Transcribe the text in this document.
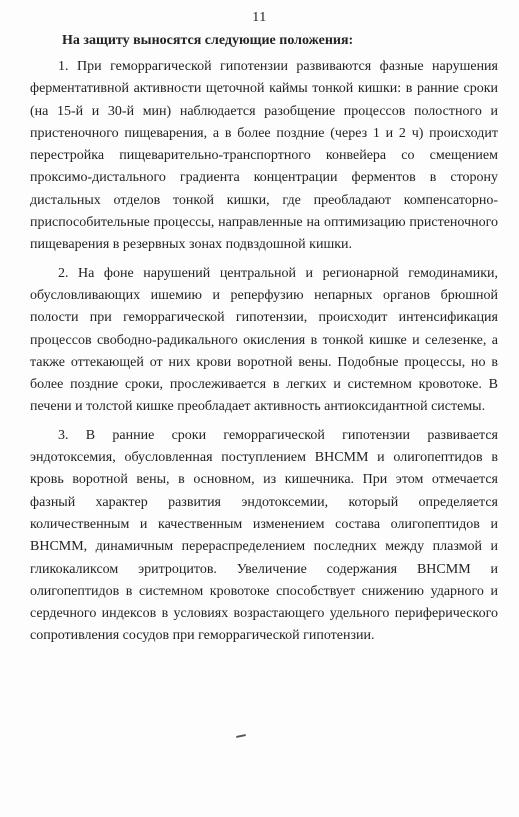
11
На защиту выносятся следующие положения:
1. При геморрагической гипотензии развиваются фазные нарушения
ферментативной активности щеточной каймы тонкой кишки: в ранние сроки
(на 15-й и 30-й мин) наблюдается разобщение процессов полостного и
пристеночного пищеварения, а в более поздние (через 1 и 2 ч) происходит
перестройка пищеварительно-транспортного конвейера со смещением
проксимо-дистального градиента концентрации ферментов в сторону
дистальных отделов тонкой кишки, где преобладают компенсаторно-
приспособительные процессы, направленные на оптимизацию пристеночного
пищеварения в резервных зонах подвздошной кишки.
2. На фоне нарушений центральной и регионарной гемодинамики,
обусловливающих ишемию и реперфузию непарных органов брюшной
полости при геморрагической гипотензии, происходит интенсификация
процессов свободно-радикального окисления в тонкой кишке и селезенке, а
также оттекающей от них крови воротной вены. Подобные процессы, но в
более поздние сроки, прослеживается в легких и системном кровотоке. В
печени и толстой кишке преобладает активность антиоксидантной системы.
3. В ранние сроки геморрагической гипотензии развивается
эндотоксемия, обусловленная поступлением ВНСММ и олигопептидов в
кровь воротной вены, в основном, из кишечника. При этом отмечается
фазный характер развития эндотоксемии, который определяется
количественным и качественным изменением состава олигопептидов и
ВНСММ, динамичным перераспределением последних между плазмой и
гликокаликсом эритроцитов. Увеличение содержания ВНСММ и
олигопептидов в системном кровотоке способствует снижению ударного и
сердечного индексов в условиях возрастающего удельного периферического
сопротивления сосудов при геморрагической гипотензии.
